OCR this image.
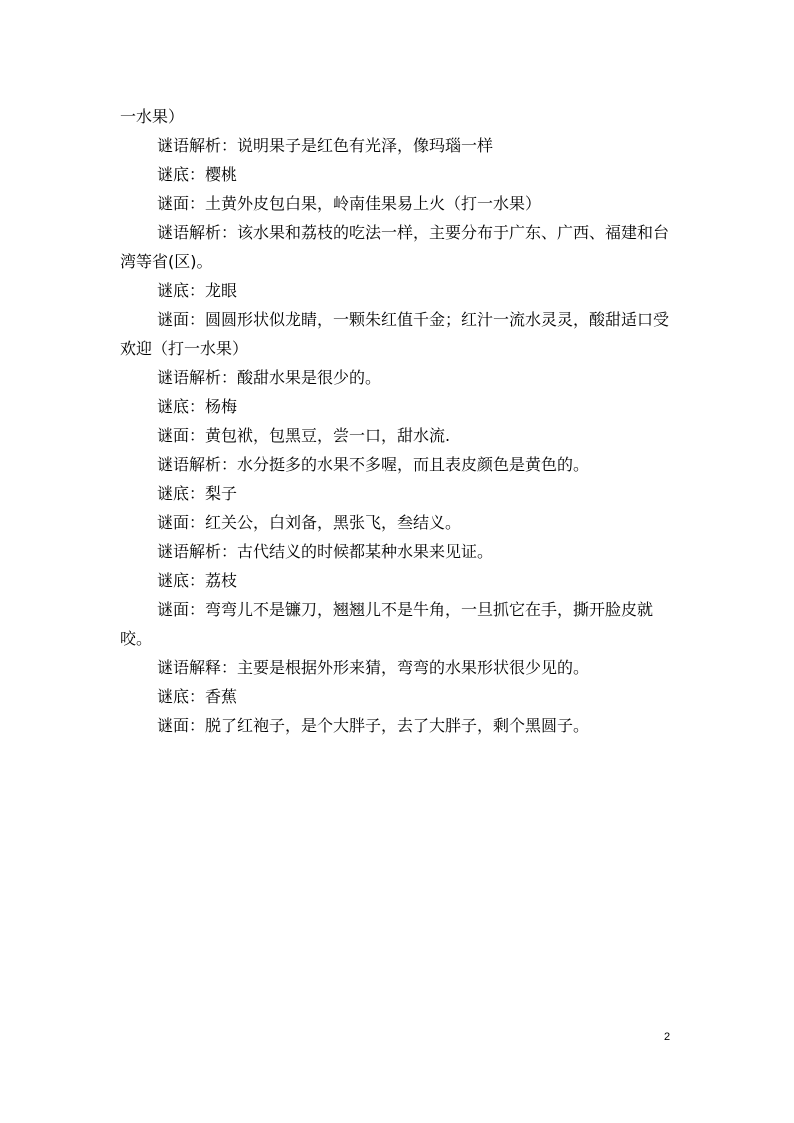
一水果）

谜语解析：说明果子是红色有光泽，像玛瑙一样

谜底：樱桃

谜面：土黄外皮包白果，岭南佳果易上火（打一水果）

谜语解析：该水果和荔枝的吃法一样，主要分布于广东、广西、福建和台湾等省(区)。

谜底：龙眼

谜面：圆圆形状似龙睛，一颗朱红值千金；红汁一流水灵灵，酸甜适口受欢迎（打一水果）

谜语解析：酸甜水果是很少的。

谜底：杨梅

谜面：黄包袱，包黑豆，尝一口，甜水流.

谜语解析：水分挺多的水果不多喔，而且表皮颜色是黄色的。

谜底：梨子

谜面：红关公，白刘备，黑张飞，叁结义。

谜语解析：古代结义的时候都某种水果来见证。

谜底：荔枝

谜面：弯弯儿不是镰刀，翘翘儿不是牛角，一旦抓它在手，撕开脸皮就咬。

谜语解释：主要是根据外形来猜，弯弯的水果形状很少见的。

谜底：香蕉

谜面：脱了红袍子，是个大胖子，去了大胖子，剩个黑圆子。

2
